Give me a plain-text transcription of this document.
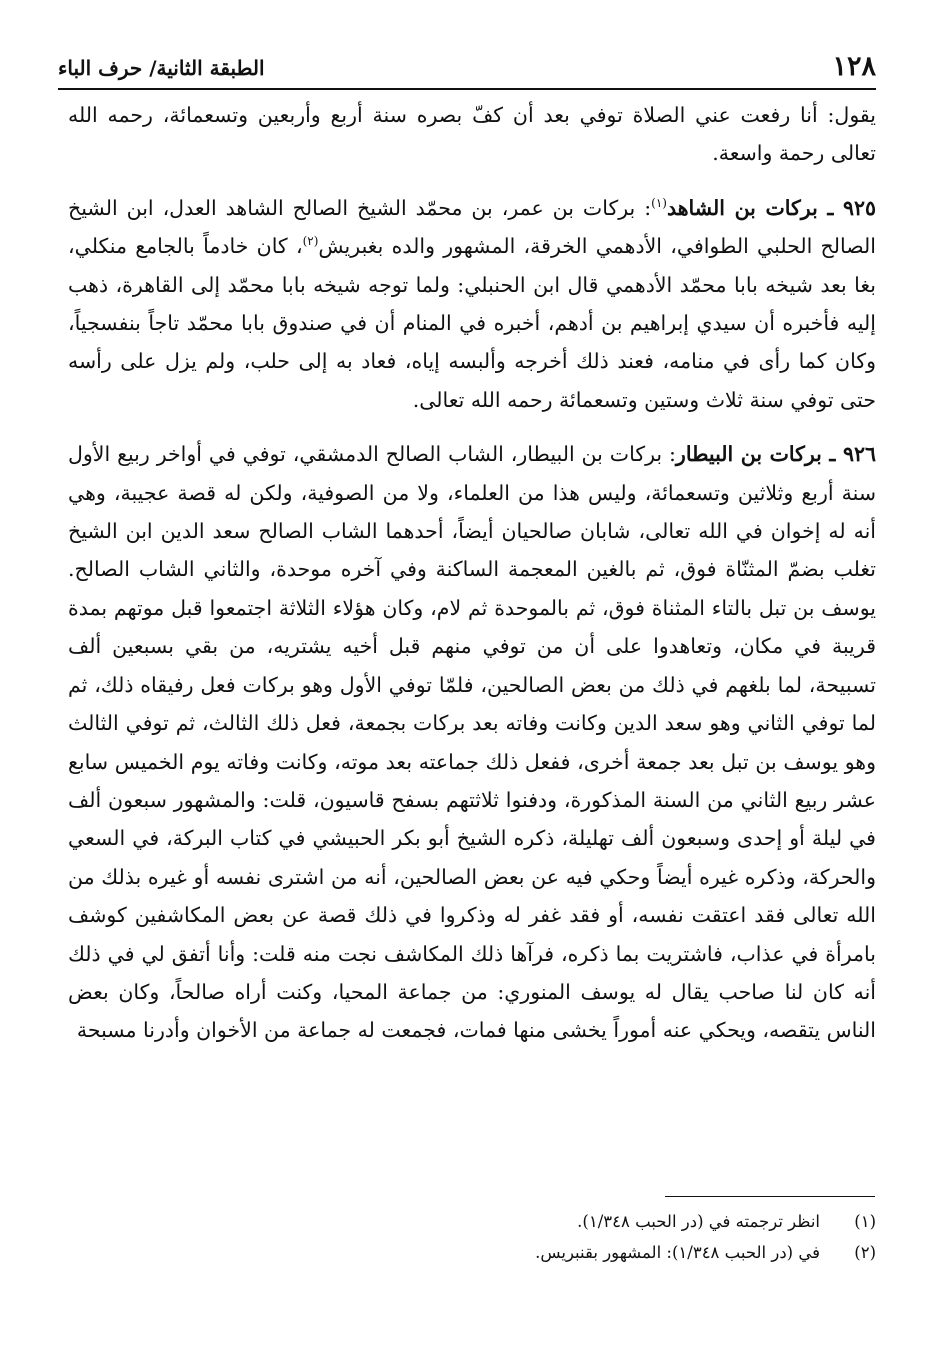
١٢٨
الطبقة الثانية/ حرف الباء

يقول: أنا رفعت عني الصلاة توفي بعد أن كفّ بصره سنة أربع وأربعين وتسعمائة، رحمه الله تعالى رحمة واسعة.

٩٢٥ ـ بركات بن الشاهد$^{(١)}$: بركات بن عمر، بن محمّد الشيخ الصالح الشاهد العدل، ابن الشيخ الصالح الحلبي الطوافي، الأدهمي الخرقة، المشهور والده بغبريش$^{(٢)}$، كان خادماً بالجامع منكلي، بغا بعد شيخه بابا محمّد الأدهمي قال ابن الحنبلي: ولما توجه شيخه بابا محمّد إلى القاهرة، ذهب إليه فأخبره أن سيدي إبراهيم بن أدهم، أخبره في المنام أن في صندوق بابا محمّد تاجاً بنفسجياً، وكان كما رأى في منامه، فعند ذلك أخرجه وألبسه إياه، فعاد به إلى حلب، ولم يزل على رأسه حتى توفي سنة ثلاث وستين وتسعمائة رحمه الله تعالى.

٩٢٦ ـ بركات بن البيطار: بركات بن البيطار، الشاب الصالح الدمشقي، توفي في أواخر ربيع الأول سنة أربع وثلاثين وتسعمائة، وليس هذا من العلماء، ولا من الصوفية، ولكن له قصة عجيبة، وهي أنه له إخوان في الله تعالى، شابان صالحيان أيضاً، أحدهما الشاب الصالح سعد الدين ابن الشيخ تغلب بضمّ المثنّاة فوق، ثم بالغين المعجمة الساكنة وفي آخره موحدة، والثاني الشاب الصالح. يوسف بن تبل بالتاء المثناة فوق، ثم بالموحدة ثم لام، وكان هؤلاء الثلاثة اجتمعوا قبل موتهم بمدة قريبة في مكان، وتعاهدوا على أن من توفي منهم قبل أخيه يشتريه، من بقي بسبعين ألف تسبيحة، لما بلغهم في ذلك من بعض الصالحين، فلمّا توفي الأول وهو بركات فعل رفيقاه ذلك، ثم لما توفي الثاني وهو سعد الدين وكانت وفاته بعد بركات بجمعة، فعل ذلك الثالث، ثم توفي الثالث وهو يوسف بن تبل بعد جمعة أخرى، ففعل ذلك جماعته بعد موته، وكانت وفاته يوم الخميس سابع عشر ربيع الثاني من السنة المذكورة، ودفنوا ثلاثتهم بسفح قاسيون، قلت: والمشهور سبعون ألف في ليلة أو إحدى وسبعون ألف تهليلة، ذكره الشيخ أبو بكر الحبيشي في كتاب البركة، في السعي والحركة، وذكره غيره أيضاً وحكي فيه عن بعض الصالحين، أنه من اشترى نفسه أو غيره بذلك من الله تعالى فقد اعتقت نفسه، أو فقد غفر له وذكروا في ذلك قصة عن بعض المكاشفين كوشف بامرأة في عذاب، فاشتريت بما ذكره، فرآها ذلك المكاشف نجت منه قلت: وأنا أتفق لي في ذلك أنه كان لنا صاحب يقال له يوسف المنوري: من جماعة المحيا، وكنت أراه صالحاً، وكان بعض الناس يتقصه، ويحكي عنه أموراً يخشى منها فمات، فجمعت له جماعة من الأخوان وأدرنا مسبحة

(١)
انظر ترجمته في (در الحبب ١/٣٤٨).
(٢)
في (در الحبب ١/٣٤٨): المشهور بقنبريس.
